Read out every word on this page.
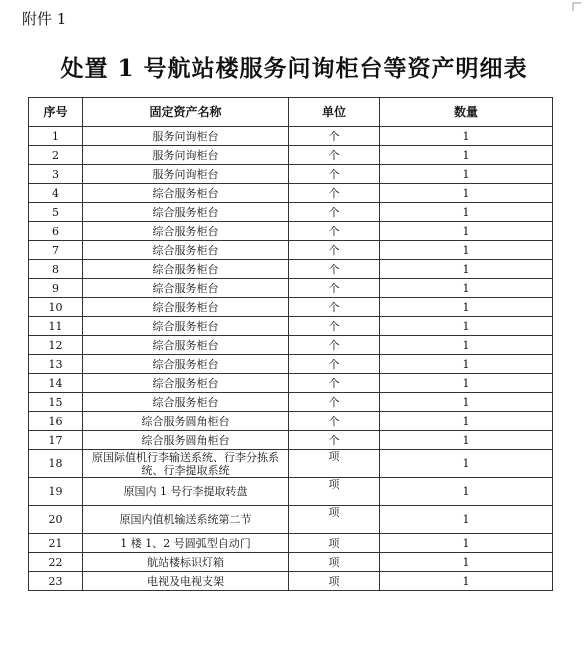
附件 1
处置 1 号航站楼服务问询柜台等资产明细表
序号	固定资产名称	单位	数量
1	服务问询柜台	个	1
2	服务问询柜台	个	1
3	服务问询柜台	个	1
4	综合服务柜台	个	1
5	综合服务柜台	个	1
6	综合服务柜台	个	1
7	综合服务柜台	个	1
8	综合服务柜台	个	1
9	综合服务柜台	个	1
10	综合服务柜台	个	1
11	综合服务柜台	个	1
12	综合服务柜台	个	1
13	综合服务柜台	个	1
14	综合服务柜台	个	1
15	综合服务柜台	个	1
16	综合服务圆角柜台	个	1
17	综合服务圆角柜台	个	1
18	原国际值机行李输送系统、行李分拣系统、行李提取系统	项	1
19	原国内 1 号行李提取转盘	项	1
20	原国内值机输送系统第二节	项	1
21	1 楼 1、2 号圆弧型自动门	项	1
22	航站楼标识灯箱	项	1
23	电视及电视支架	项	1
